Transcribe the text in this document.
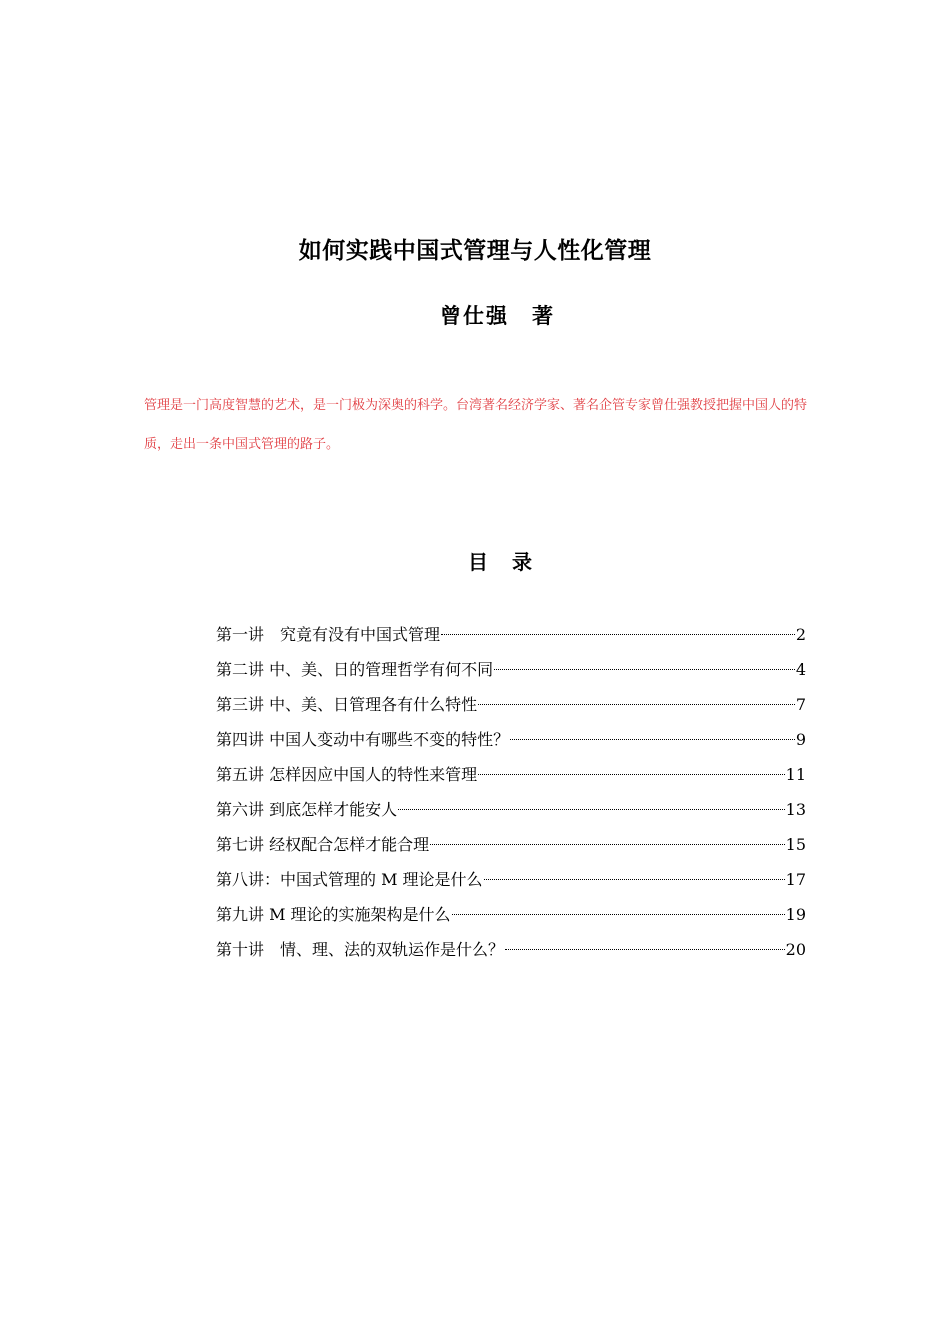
如何实践中国式管理与人性化管理
曾仕强　著
管理是一门高度智慧的艺术，是一门极为深奥的科学。台湾著名经济学家、著名企管专家曾仕强教授把握中国人的特质，走出一条中国式管理的路子。
目　录
第一讲　究竟有没有中国式管理	2
第二讲 中、美、日的管理哲学有何不同	4
第三讲 中、美、日管理各有什么特性	7
第四讲 中国人变动中有哪些不变的特性？	9
第五讲 怎样因应中国人的特性来管理	11
第六讲 到底怎样才能安人	13
第七讲 经权配合怎样才能合理	15
第八讲：中国式管理的 M 理论是什么	17
第九讲 M 理论的实施架构是什么	19
第十讲　情、理、法的双轨运作是什么？	20
